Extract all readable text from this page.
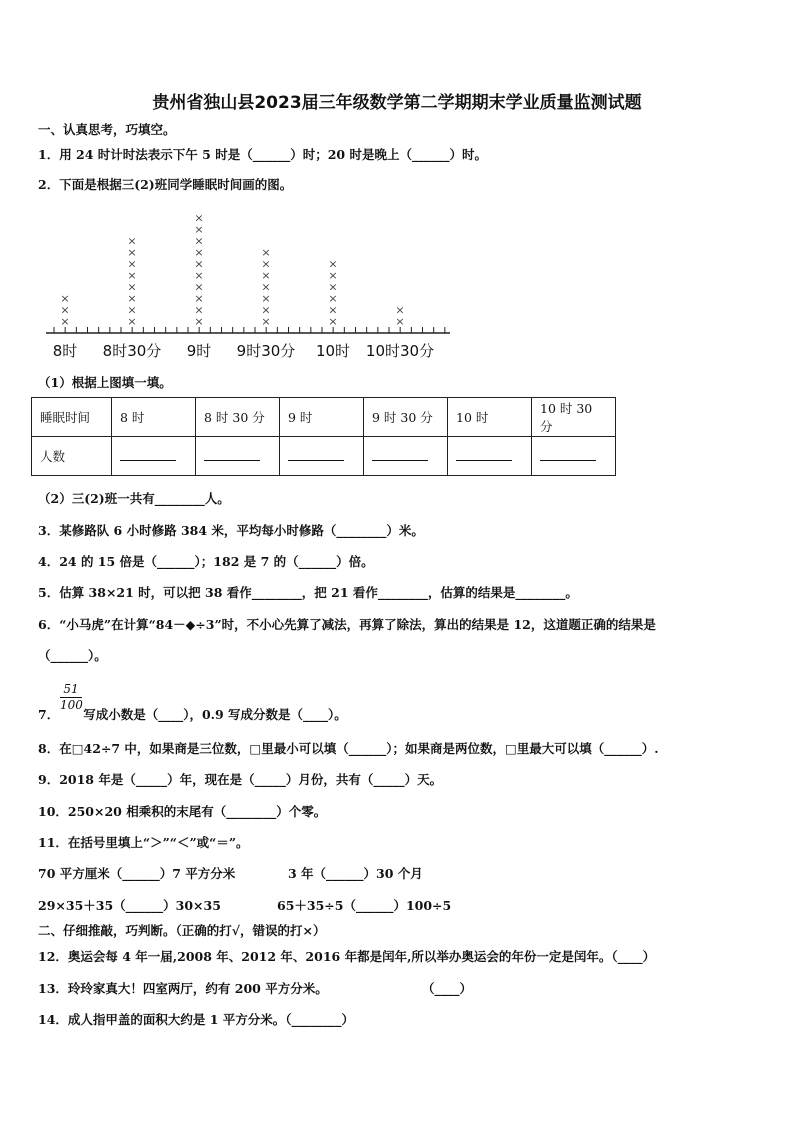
贵州省独山县2023届三年级数学第二学期期末学业质量监测试题
一、认真思考，巧填空。
1．用 24 时计时法表示下午 5 时是（______）时；20 时是晚上（______）时。
2．下面是根据三(2)班同学睡眠时间画的图。
8时
×
×
×
8时30分
×
×
×
×
×
×
×
×
9时
×
×
×
×
×
×
×
×
×
×
9时30分
×
×
×
×
×
×
×
10时
×
×
×
×
×
×
10时30分
×
×
（1）根据上图填一填。
睡眠时间	8 时	8 时 30 分	9 时	9 时 30 分	10 时	10 时 30 分
人数						
（2）三(2)班一共有________人。
3．某修路队 6 小时修路 384 米，平均每小时修路（________）米。
4．24 的 15 倍是（______）；182 是 7 的（______）倍。
5．估算 38×21 时，可以把 38 看作________，把 21 看作________，估算的结果是________。
6．“小马虎”在计算“84－◆÷3”时，不小心先算了减法，再算了除法，算出的结果是 12，这道题正确的结果是
（______）。
$\frac{51}{100}$
7． 写成小数是（____），0.9 写成分数是（____）。
8．在□42÷7 中，如果商是三位数，□里最小可以填（______）；如果商是两位数，□里最大可以填（______）.
9．2018 年是（_____）年，现在是（_____）月份，共有（_____）天。
10．250×20 相乘积的末尾有（________）个零。
11．在括号里填上“＞”“＜”或“＝”。
70 平方厘米（______）7 平方分米	3 年（______）30 个月
29×35＋35（______）30×35	65＋35÷5（______）100÷5
二、仔细推敲，巧判断。（正确的打√，错误的打×）
12．奥运会每 4 年一届,2008 年、2012 年、2016 年都是闰年,所以举办奥运会的年份一定是闰年。（____）
13．玲玲家真大！四室两厅，约有 200 平方分米。	（____）
14．成人指甲盖的面积大约是 1 平方分米。（________）
